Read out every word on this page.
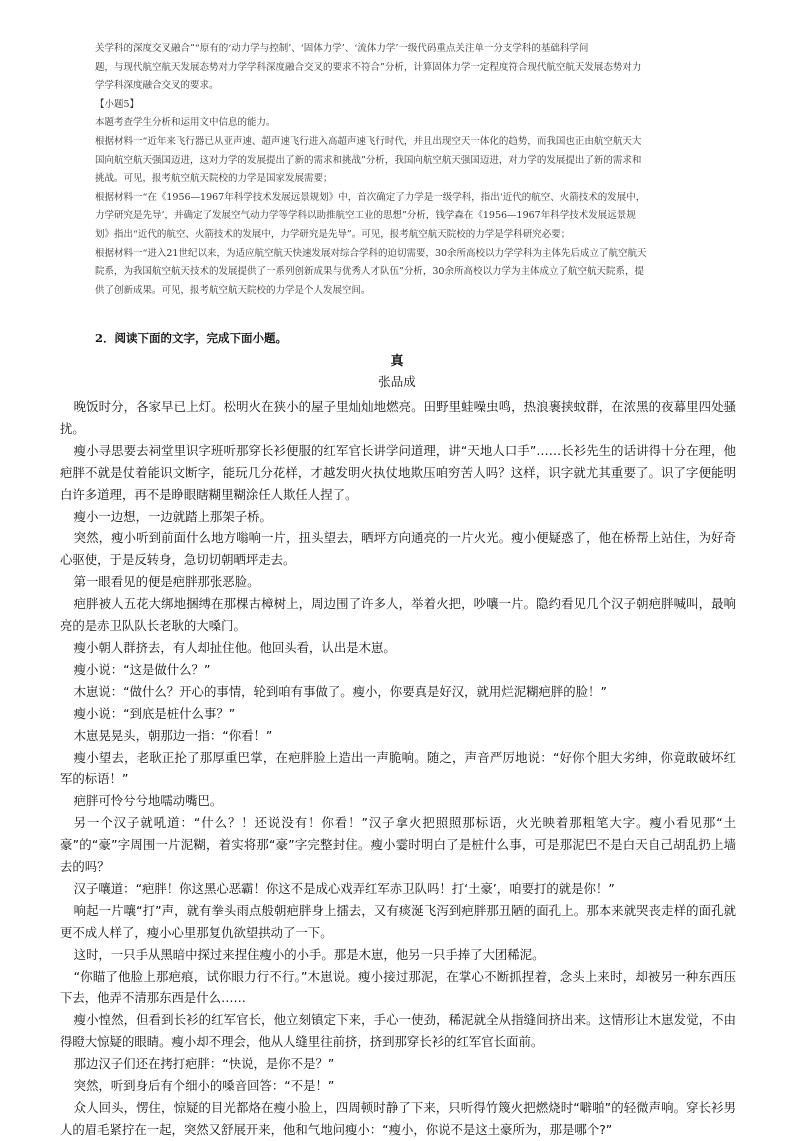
关学科的深度交叉融合”“原有的‘动力学与控制’、‘固体力学’、‘流体力学’一级代码重点关注单一分支学科的基础科学问

题，与现代航空航天发展态势对力学学科深度融合交叉的要求不符合”分析，计算固体力学一定程度符合现代航空航天发展态势对力

学学科深度融合交叉的要求。

【小题5】

本题考查学生分析和运用文中信息的能力。

根据材料一“近年来飞行器已从亚声速、超声速飞行进入高超声速飞行时代，并且出现空天一体化的趋势，而我国也正由航空航天大

国向航空航天强国迈进，这对力学的发展提出了新的需求和挑战”分析，我国向航空航天强国迈进，对力学的发展提出了新的需求和

挑战。可见，报考航空航天院校的力学是国家发展需要；

根据材料一“在《1956—1967年科学技术发展远景规划》中，首次确定了力学是一级学科，指出‘近代的航空、火箭技术的发展中，

力学研究是先导’，并确定了发展空气动力学等学科以助推航空工业的思想”分析，钱学森在《1956—1967年科学技术发展远景规

划》指出“近代的航空、火箭技术的发展中，力学研究是先导”。可见，报考航空航天院校的力学是学科研究必要；

根据材料一“进入21世纪以来，为适应航空航天快速发展对综合学科的迫切需要，30余所高校以力学学科为主体先后成立了航空航天

院系，为我国航空航天技术的发展提供了一系列创新成果与优秀人才队伍”分析，30余所高校以力学为主体成立了航空航天院系，提

供了创新成果。可见，报考航空航天院校的力学是个人发展空间。

2．阅读下面的文字，完成下面小题。
真
张品成

晚饭时分，各家早已上灯。松明火在狭小的屋子里灿灿地燃亮。田野里蛙噪虫鸣，热浪裹挟蚊群，在浓黑的夜幕里四处骚扰。

瘦小寻思要去祠堂里识字班听那穿长衫便服的红军官长讲学问道理，讲“天地人口手”……长衫先生的话讲得十分在理，他疤胖不就是仗着能识文断字，能玩几分花样，才越发明火执仗地欺压咱穷苦人吗？这样，识字就尤其重要了。识了字便能明白许多道理，再不是睁眼瞎糊里糊涂任人欺任人捏了。

瘦小一边想，一边就踏上那架子桥。

突然，瘦小听到前面什么地方嗡响一片，扭头望去，晒坪方向通亮的一片火光。瘦小便疑惑了，他在桥帮上站住，为好奇心驱使，于是反转身，急切切朝晒坪走去。

第一眼看见的便是疤胖那张恶脸。

疤胖被人五花大绑地捆缚在那棵古樟树上，周边围了许多人，举着火把，吵嚷一片。隐约看见几个汉子朝疤胖喊叫，最响亮的是赤卫队队长老耿的大嗓门。

瘦小朝人群挤去，有人却扯住他。他回头看，认出是木崽。

瘦小说：“这是做什么？”

木崽说：“做什么？开心的事情，轮到咱有事做了。瘦小，你要真是好汉，就用烂泥糊疤胖的脸！”

瘦小说：“到底是桩什么事？”

木崽晃晃头，朝那边一指：“你看！”

瘦小望去，老耿正抡了那厚重巴掌，在疤胖脸上造出一声脆响。随之，声音严厉地说：“好你个胆大劣绅，你竟敢破坏红军的标语！”

疤胖可怜兮兮地嚅动嘴巴。

另一个汉子就吼道：“什么？！还说没有！你看！”汉子拿火把照照那标语，火光映着那粗笔大字。瘦小看见那“土豪”的“豪”字周围一片泥糊，着实将那“豪”字完整封住。瘦小霎时明白了是桩什么事，可是那泥巴不是白天自己胡乱扔上墙去的吗？

汉子嚷道：“疤胖！你这黑心恶霸！你这不是成心戏弄红军赤卫队吗！打‘土豪’，咱要打的就是你！”

响起一片嚷“打”声，就有拳头雨点般朝疤胖身上擂去，又有痰涎飞泻到疤胖那丑陋的面孔上。那本来就哭丧走样的面孔就更不成人样了，瘦小心里那复仇欲望拱动了一下。

这时，一只手从黑暗中探过来捏住瘦小的小手。那是木崽，他另一只手捧了大团稀泥。

“你瞄了他脸上那疤痕，试你眼力行不行。”木崽说。瘦小接过那泥，在掌心不断抓捏着，念头上来时，却被另一种东西压下去，他弄不清那东西是什么……

瘦小惶然，但看到长衫的红军官长，他立刻镇定下来，手心一使劲，稀泥就全从指缝间挤出来。这情形让木崽发觉，不由得瞪大惊疑的眼睛。瘦小却不理会，他从人缝里往前挤，挤到那穿长衫的红军官长面前。

那边汉子们还在拷打疤胖：“快说，是你不是？”

突然，听到身后有个细小的嗓音回答：“不是！”

众人回头，愣住，惊疑的目光都烙在瘦小脸上，四周顿时静了下来，只听得竹篾火把燃烧时“噼啪”的轻微声响。穿长衫男人的眉毛紧拧在一起，突然又舒展开来，他和气地问瘦小：“瘦小，你说不是这土豪所为，那是哪个?”
